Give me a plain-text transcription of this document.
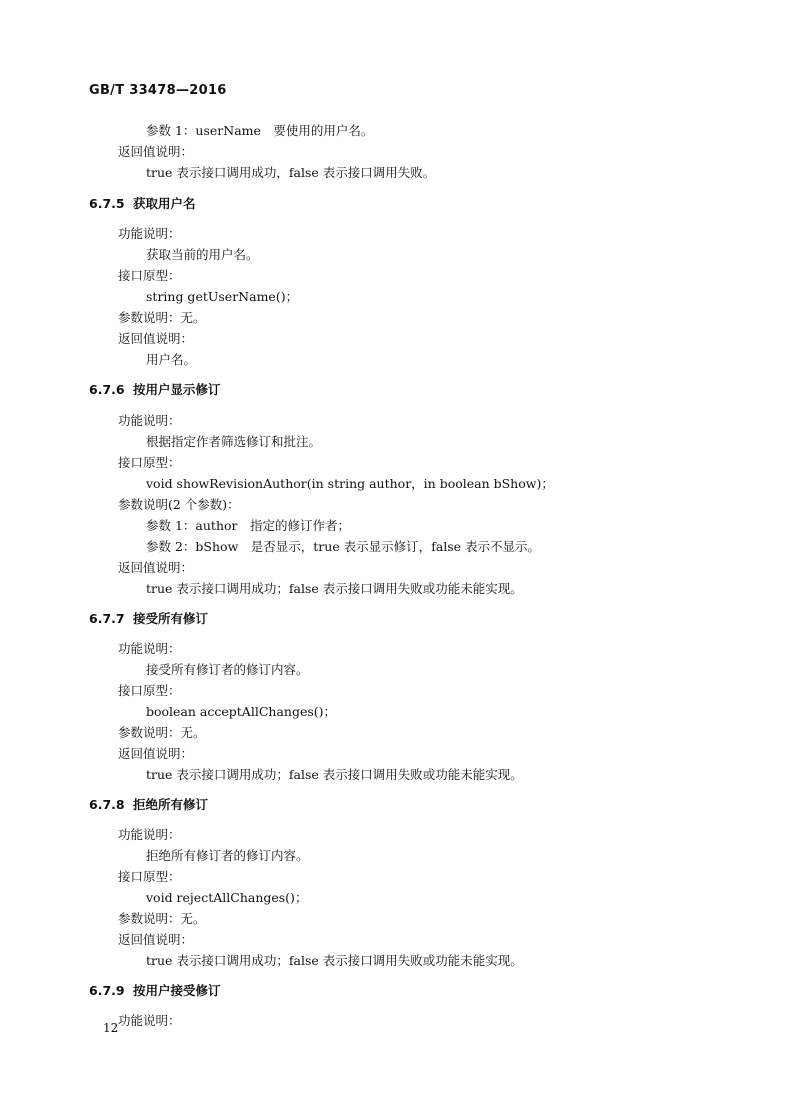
GB/T 33478—2016
参数 1：userName　要使用的用户名。
返回值说明：
true 表示接口调用成功，false 表示接口调用失败。
6.7.5 获取用户名
功能说明：
获取当前的用户名。
接口原型：
string getUserName()；
参数说明：无。
返回值说明：
用户名。
6.7.6 按用户显示修订
功能说明：
根据指定作者筛选修订和批注。
接口原型：
void showRevisionAuthor(in string author，in boolean bShow)；
参数说明(2 个参数)：
参数 1：author　指定的修订作者；
参数 2：bShow　是否显示，true 表示显示修订，false 表示不显示。
返回值说明：
true 表示接口调用成功；false 表示接口调用失败或功能未能实现。
6.7.7 接受所有修订
功能说明：
接受所有修订者的修订内容。
接口原型：
boolean acceptAllChanges()；
参数说明：无。
返回值说明：
true 表示接口调用成功；false 表示接口调用失败或功能未能实现。
6.7.8 拒绝所有修订
功能说明：
拒绝所有修订者的修订内容。
接口原型：
void rejectAllChanges()；
参数说明：无。
返回值说明：
true 表示接口调用成功；false 表示接口调用失败或功能未能实现。
6.7.9 按用户接受修订
功能说明：
12
